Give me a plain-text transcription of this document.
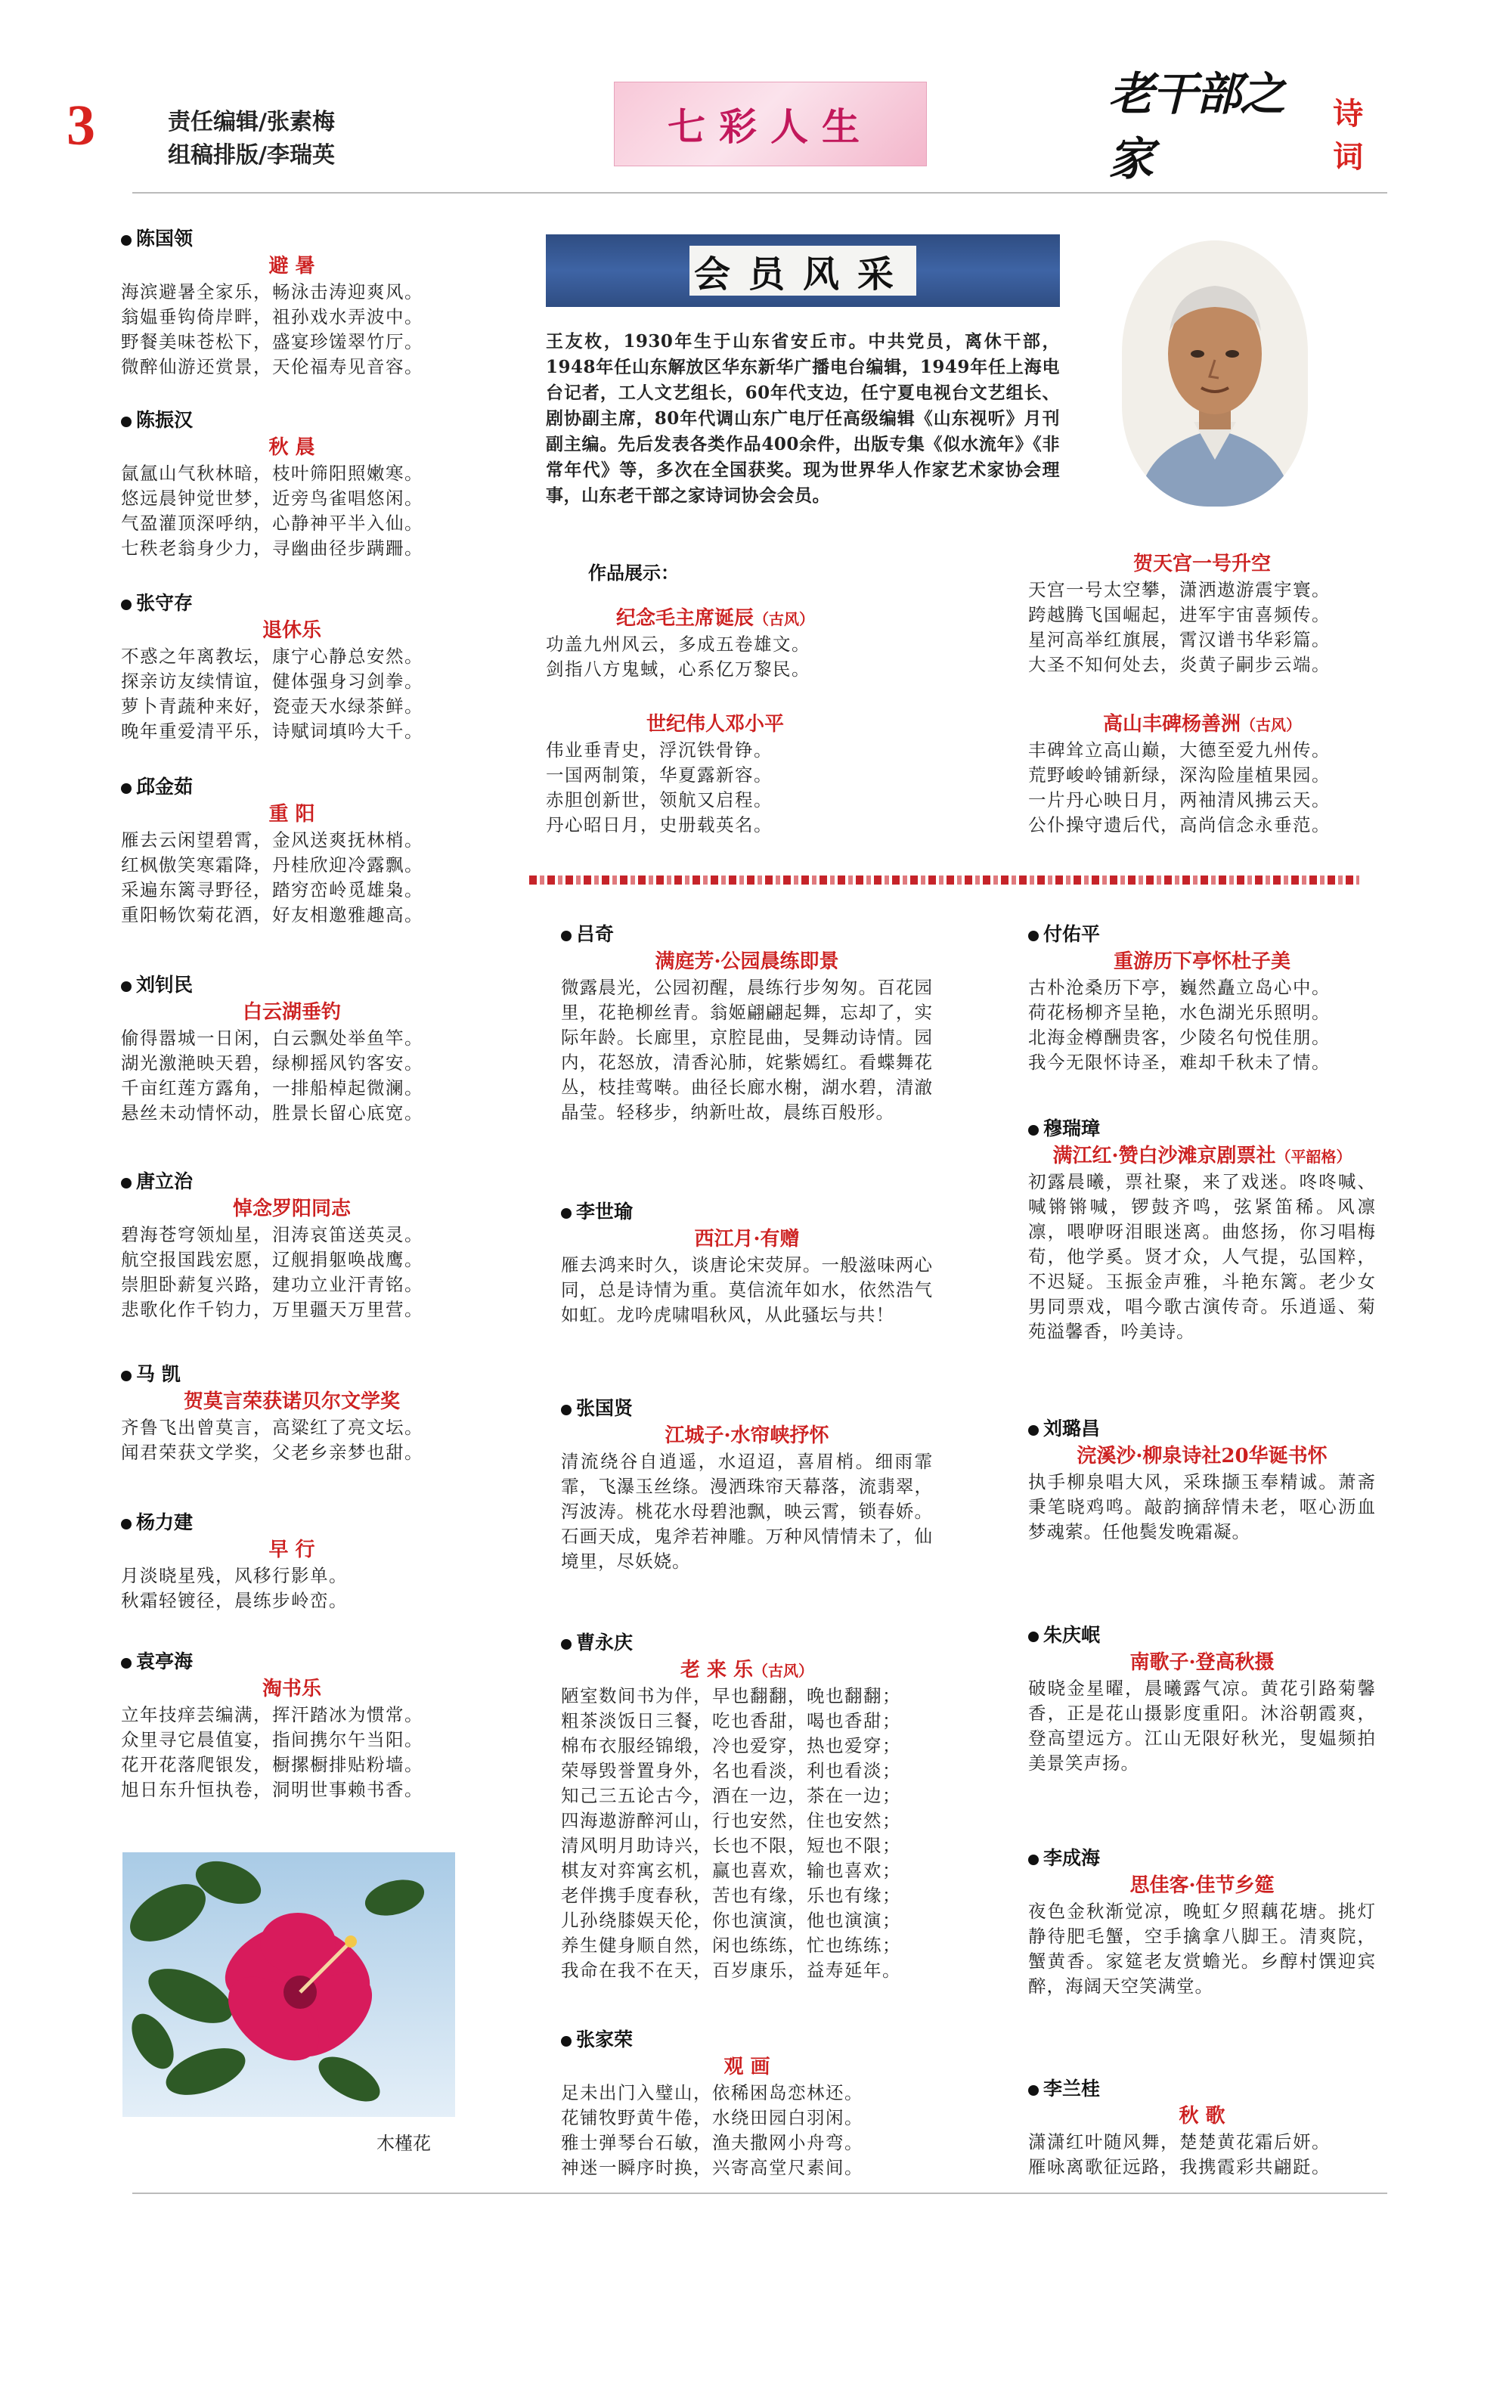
3	责任编辑/张素梅
组稿排版/李瑞英
七彩人生
老干部之家
诗词
陈国领
避 暑
海滨避暑全家乐，畅泳击涛迎爽风。
翁媪垂钩倚岸畔，祖孙戏水弄波中。
野餐美味苍松下，盛宴珍馐翠竹厅。
微醉仙游还赏景，天伦福寿见音容。
陈振汉
秋 晨
氤氲山气秋林暗，枝叶筛阳照嫩寒。
悠远晨钟觉世梦，近旁鸟雀唱悠闲。
气盈灌顶深呼纳，心静神平半入仙。
七秩老翁身少力，寻幽曲径步蹒跚。
张守存
退休乐
不惑之年离教坛，康宁心静总安然。
探亲访友续情谊，健体强身习剑拳。
萝卜青蔬种来好，瓷壶天水绿茶鲜。
晚年重爱清平乐，诗赋词填吟大千。
邱金茹
重 阳
雁去云闲望碧霄，金风送爽抚林梢。
红枫傲笑寒霜降，丹桂欣迎冷露飘。
采遍东篱寻野径，踏穷峦岭觅雄枭。
重阳畅饮菊花酒，好友相邀雅趣高。
刘钊民
白云湖垂钓
偷得嚣城一日闲，白云飘处举鱼竿。
湖光激滟映天碧，绿柳摇风钓客安。
千亩红莲方露角，一排船棹起微澜。
悬丝未动情怀动，胜景长留心底宽。
唐立治
悼念罗阳同志
碧海苍穹领灿星，泪涛哀笛送英灵。
航空报国践宏愿，辽舰捐躯唤战鹰。
崇胆卧薪复兴路，建功立业汗青铭。
悲歌化作千钧力，万里疆天万里营。
马 凯
贺莫言荣获诺贝尔文学奖
齐鲁飞出曾莫言，高粱红了亮文坛。
闻君荣获文学奖，父老乡亲梦也甜。
杨力建
早 行
月淡晓星残，风移行影单。
秋霜轻镀径，晨练步岭峦。
袁亭海
淘书乐
立年技痒芸编满，挥汗踏冰为惯常。
众里寻它晨值宴，指间携尔午当阳。
花开花落爬银发，橱摞橱排贴粉墙。
旭日东升恒执卷，洞明世事赖书香。
会员风采
王友枚，1930年生于山东省安丘市。中共党员，离休干部，1948年任山东解放区华东新华广播电台编辑，1949年任上海电台记者，工人文艺组长，60年代支边，任宁夏电视台文艺组长、剧协副主席，80年代调山东广电厅任高级编辑《山东视听》月刊副主编。先后发表各类作品400余件，出版专集《似水流年》《非常年代》等，多次在全国获奖。现为世界华人作家艺术家协会理事，山东老干部之家诗词协会会员。
作品展示：
纪念毛主席诞辰（古风）
功盖九州风云，多成五卷雄文。
剑指八方鬼蜮，心系亿万黎民。
世纪伟人邓小平
伟业垂青史，浮沉铁骨铮。
一国两制策，华夏露新容。
赤胆创新世，领航又启程。
丹心昭日月，史册载英名。
贺天宫一号升空
天宫一号太空攀，潇洒遨游震宇寰。
跨越腾飞国崛起，进军宇宙喜频传。
星河高举红旗展，霄汉谱书华彩篇。
大圣不知何处去，炎黄子嗣步云端。
高山丰碑杨善洲（古风）
丰碑耸立高山巅，大德至爱九州传。
荒野峻岭铺新绿，深沟险崖植果园。
一片丹心映日月，两袖清风拂云天。
公仆操守遗后代，高尚信念永垂范。
吕奇
满庭芳·公园晨练即景
微露晨光，公园初醒，晨练行步匆匆。百花园里，花艳柳丝青。翁姬翩翩起舞，忘却了，实际年龄。长廊里，京腔昆曲，旻舞动诗情。园内，花怒放，清香沁肺，姹紫嫣红。看蝶舞花丛，枝挂莺啭。曲径长廊水榭，湖水碧，清澈晶莹。轻移步，纳新吐故，晨练百般形。
李世瑜
西江月·有赠
雁去鸿来时久，谈唐论宋荧屏。一般滋味两心同，总是诗情为重。莫信流年如水，依然浩气如虹。龙吟虎啸唱秋风，从此骚坛与共！
张国贤
江城子·水帘峡抒怀
清流绕谷自逍遥，水迢迢，喜眉梢。细雨霏霏，飞瀑玉丝绦。漫洒珠帘天幕落，流翡翠，泻波涛。桃花水母碧池飘，映云霄，锁春娇。石画天成，鬼斧若神雕。万种风情情未了，仙境里，尽妖娆。
曹永庆
老 来 乐（古风）
陋室数间书为伴，早也翻翻，晚也翻翻；
粗茶淡饭日三餐，吃也香甜，喝也香甜；
棉布衣服经锦缎，冷也爱穿，热也爱穿；
荣辱毁誉置身外，名也看淡，利也看淡；
知己三五论古今，酒在一边，茶在一边；
四海遨游醉河山，行也安然，住也安然；
清风明月助诗兴，长也不限，短也不限；
棋友对弈寓玄机，赢也喜欢，输也喜欢；
老伴携手度春秋，苦也有缘，乐也有缘；
儿孙绕膝娱天伦，你也演演，他也演演；
养生健身顺自然，闲也练练，忙也练练；
我命在我不在天，百岁康乐，益寿延年。
张家荣
观 画
足未出门入璧山，依稀困岛恋林还。
花铺牧野黄牛倦，水绕田园白羽闲。
雅士弹琴台石敏，渔夫撒网小舟弯。
神迷一瞬序时换，兴寄高堂尺素间。
付佑平
重游历下亭怀杜子美
古朴沧桑历下亭，巍然矗立岛心中。
荷花杨柳齐呈艳，水色湖光乐照明。
北海金樽酬贵客，少陵名句悦佳朋。
我今无限怀诗圣，难却千秋未了情。
穆瑞璋
满江红·赞白沙滩京剧票社（平韶格）
初露晨曦，票社聚，来了戏迷。咚咚喊、喊锵锵喊，锣鼓齐鸣，弦紧笛稀。风凛凛，喂咿呀泪眼迷离。曲悠扬，你习唱梅荀，他学奚。贤才众，人气提，弘国粹，不迟疑。玉振金声雅，斗艳东篱。老少女男同票戏，唱今歌古演传奇。乐逍遥、菊苑溢馨香，吟美诗。
刘璐昌
浣溪沙·柳泉诗社20华诞书怀
执手柳泉唱大风，采珠撷玉奉精诚。萧斋秉笔晓鸡鸣。敲韵摘辞情未老，呕心沥血梦魂萦。任他鬓发晚霜凝。
朱庆岷
南歌子·登高秋摄
破晓金星曜，晨曦露气凉。黄花引路菊馨香，正是花山摄影度重阳。沐浴朝霞爽，登高望远方。江山无限好秋光，叟媪频拍美景笑声扬。
李成海
思佳客·佳节乡筵
夜色金秋渐觉凉，晚虹夕照藕花塘。挑灯静待肥毛蟹，空手擒拿八脚王。清爽院，蟹黄香。家筵老友赏蟾光。乡醇村馔迎宾醉，海阔天空笑满堂。
李兰桂
秋 歌
潇潇红叶随风舞，楚楚黄花霜后妍。
雁咏离歌征远路，我携霞彩共翩跹。
木槿花
